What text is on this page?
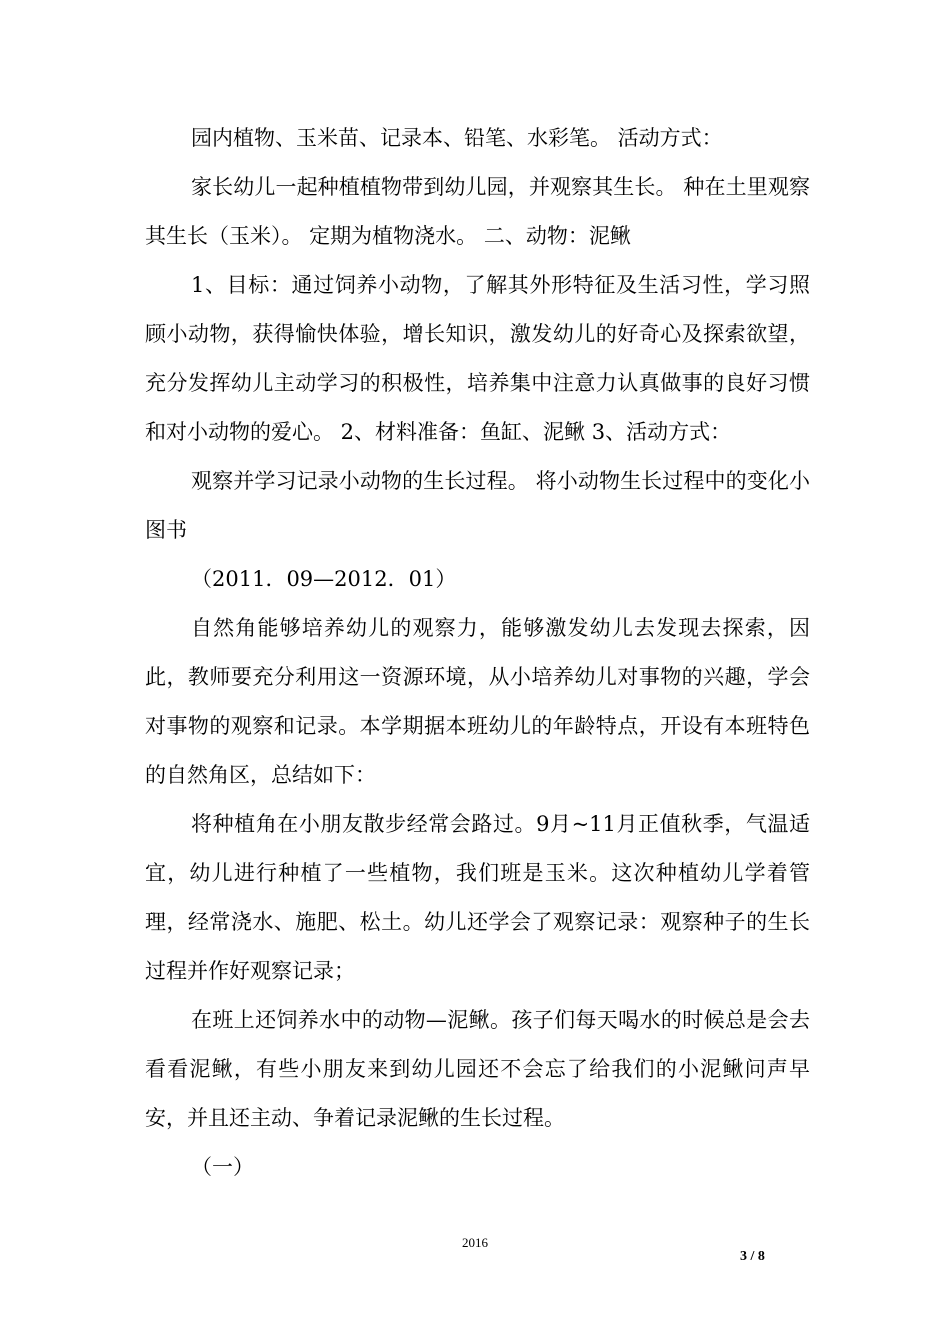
园内植物、玉米苗、记录本、铅笔、水彩笔。 活动方式：

家长幼儿一起种植植物带到幼儿园，并观察其生长。 种在土里观察其生长（玉米）。 定期为植物浇水。 二、动物：泥鳅

1、目标：通过饲养小动物，了解其外形特征及生活习性，学习照顾小动物，获得愉快体验，增长知识，激发幼儿的好奇心及探索欲望，充分发挥幼儿主动学习的积极性，培养集中注意力认真做事的良好习惯和对小动物的爱心。 2、材料准备：鱼缸、泥鳅 3、活动方式：

观察并学习记录小动物的生长过程。 将小动物生长过程中的变化小图书

（2011．09—2012．01）

自然角能够培养幼儿的观察力，能够激发幼儿去发现去探索，因此，教师要充分利用这一资源环境，从小培养幼儿对事物的兴趣，学会对事物的观察和记录。本学期据本班幼儿的年龄特点，开设有本班特色的自然角区，总结如下：

将种植角在小朋友散步经常会路过。9月~11月正值秋季，气温适宜，幼儿进行种植了一些植物，我们班是玉米。这次种植幼儿学着管理，经常浇水、施肥、松土。幼儿还学会了观察记录：观察种子的生长过程并作好观察记录；

在班上还饲养水中的动物—泥鳅。孩子们每天喝水的时候总是会去看看泥鳅，有些小朋友来到幼儿园还不会忘了给我们的小泥鳅问声早安，并且还主动、争着记录泥鳅的生长过程。

（一）

2016
3 / 8
